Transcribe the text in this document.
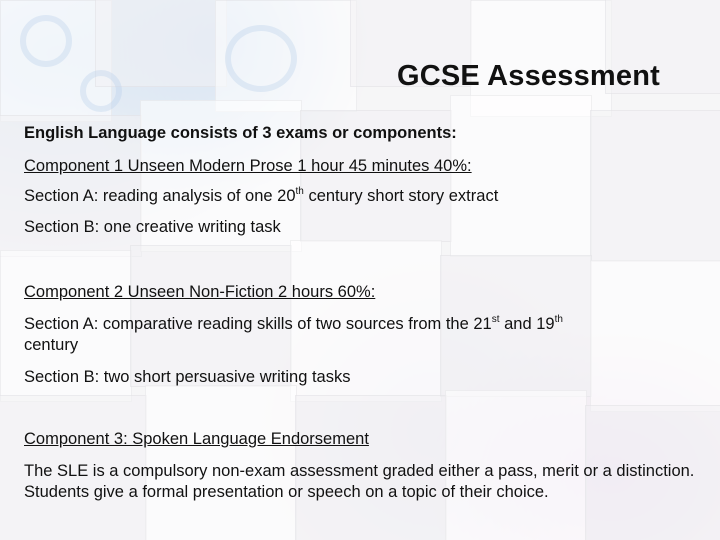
GCSE Assessment
English Language consists of 3 exams or components:
Component 1 Unseen Modern Prose 1 hour 45 minutes 40%:
Section A: reading analysis of one 20th century short story extract
Section B: one creative writing task
Component 2 Unseen Non-Fiction 2 hours 60%:
Section A: comparative reading skills of two sources from the 21st and 19th
century
Section B: two short persuasive writing tasks
Component 3: Spoken Language Endorsement
The SLE is a compulsory non-exam assessment graded either a pass, merit or a distinction. Students give a formal presentation or speech on a topic of their choice.
